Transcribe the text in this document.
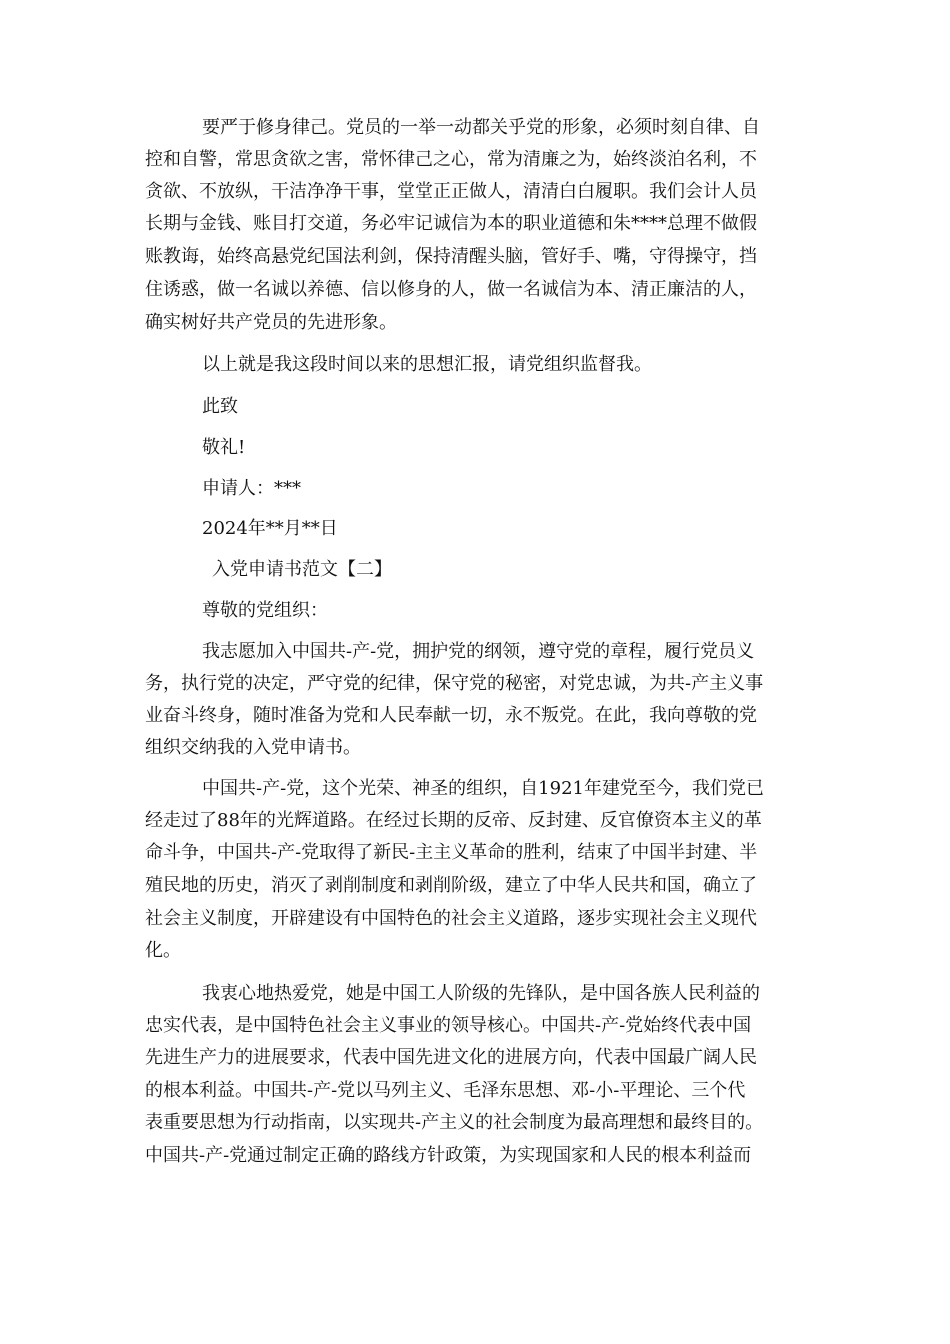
要严于修身律己。党员的一举一动都关乎党的形象，必须时刻自律、自

控和自警，常思贪欲之害，常怀律己之心，常为清廉之为，始终淡泊名利，不

贪欲、不放纵，干洁净净干事，堂堂正正做人，清清白白履职。我们会计人员

长期与金钱、账目打交道，务必牢记诚信为本的职业道德和朱****总理不做假

账教诲，始终高悬党纪国法利剑，保持清醒头脑，管好手、嘴，守得操守，挡

住诱惑，做一名诚以养德、信以修身的人，做一名诚信为本、清正廉洁的人，

确实树好共产党员的先进形象。

以上就是我这段时间以来的思想汇报，请党组织监督我。

此致

敬礼!

申请人：***

2024年**月**日

入党申请书范文【二】

尊敬的党组织：

我志愿加入中国共-产-党，拥护党的纲领，遵守党的章程，履行党员义

务，执行党的决定，严守党的纪律，保守党的秘密，对党忠诚，为共-产主义事

业奋斗终身，随时准备为党和人民奉献一切，永不叛党。在此，我向尊敬的党

组织交纳我的入党申请书。

中国共-产-党，这个光荣、神圣的组织，自1921年建党至今，我们党已

经走过了88年的光辉道路。在经过长期的反帝、反封建、反官僚资本主义的革

命斗争，中国共-产-党取得了新民-主主义革命的胜利，结束了中国半封建、半

殖民地的历史，消灭了剥削制度和剥削阶级，建立了中华人民共和国，确立了

社会主义制度，开辟建设有中国特色的社会主义道路，逐步实现社会主义现代

化。

我衷心地热爱党，她是中国工人阶级的先锋队，是中国各族人民利益的

忠实代表，是中国特色社会主义事业的领导核心。中国共-产-党始终代表中国

先进生产力的进展要求，代表中国先进文化的进展方向，代表中国最广阔人民

的根本利益。中国共-产-党以马列主义、毛泽东思想、邓-小-平理论、三个代

表重要思想为行动指南，以实现共-产主义的社会制度为最高理想和最终目的。

中国共-产-党通过制定正确的路线方针政策，为实现国家和人民的根本利益而
